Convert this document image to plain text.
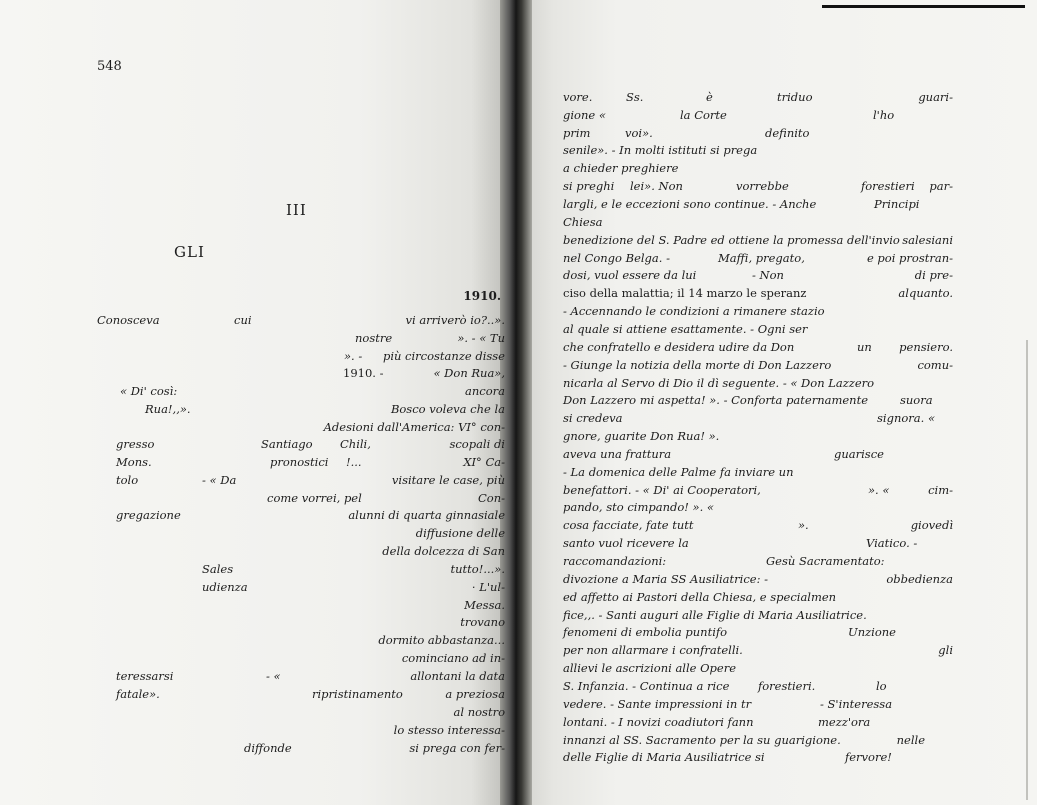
548
III
GLI
1910.
Conosceva	cui	vi arriverò io?..».
nostre	». - « Tu
». - più circostanze disse
1910. -	« Don Rua»,
« Di' così:	ancora
Rua!,,».	Bosco voleva che la
Adesioni dall'America: VI° con-
gresso	Santiago Chili,	scopali di
Mons.	pronostici !...	XI° Ca-
tolo	- « Da	visitare le case, più
come vorrei, pel	Con-
gregazione	alunni di quarta ginnasiale
diffusione delle
della dolcezza di San
Sales	tutto!...».
udienza	· L'ul-
Messa.
trovano
dormito abbastanza...
cominciano ad in-
teressarsi	- «	allontani la data
fatale».	ripristinamento	a preziosa
al nostro
lo stesso interessa-
diffonde	si prega con fer-
vore.	Ss.	è	triduo	guari-
gione «	la Corte	l'ho
prim	voi».	definito
senile». - In molti istituti si prega
a chieder preghiere
si preghi lei». Non	vorrebbe	forestieri par-
largli, e le eccezioni sono continue. - Anche	Principi
Chiesa
benedizione del S. Padre ed ottiene la promessa dell'invio salesiani
nel Congo Belga. -	Maffi, pregato,	e poi prostran-
dosi, vuol essere da lui	- Non	di pre-
ciso della malattia; il 14 marzo le speranz	alquanto.
- Accennando le condizioni a rimanere stazio
al quale si attiene esattamente. - Ogni ser
che confratello e desidera udire da Don	un pensiero.
- Giunge la notizia della morte di Don Lazzero	comu-
nicarla al Servo di Dio il dì seguente. - « Don Lazzero
Don Lazzero mi aspetta! ». - Conforta paternamente	suora
si credeva	signora. «
gnore, guarite Don Rua! ».
aveva una frattura	guarisce
- La domenica delle Palme fa inviare un
benefattori. - « Di' ai Cooperatori,	». «	cim-
pando, sto cimpando! ». «
cosa facciate, fate tutt	».	giovedì
santo vuol ricevere la	Viatico. -
raccomandazioni:	Gesù Sacramentato:
divozione a Maria SS Ausiliatrice: -	obbedienza
ed affetto ai Pastori della Chiesa, e specialmen
fice,,. - Santi auguri alle Figlie di Maria Ausiliatrice.
fenomeni di embolia puntifo	Unzione
per non allarmare i confratelli.	gli
allievi le ascrizioni alle Opere
S. Infanzia. - Continua a rice forestieri.	lo
vedere. - Sante impressioni in tr	- S'interessa
lontani. - I novizi coadiutori fann	mezz'ora
innanzi al SS. Sacramento per la su guarigione.	nelle
delle Figlie di Maria Ausiliatrice si	fervore!
